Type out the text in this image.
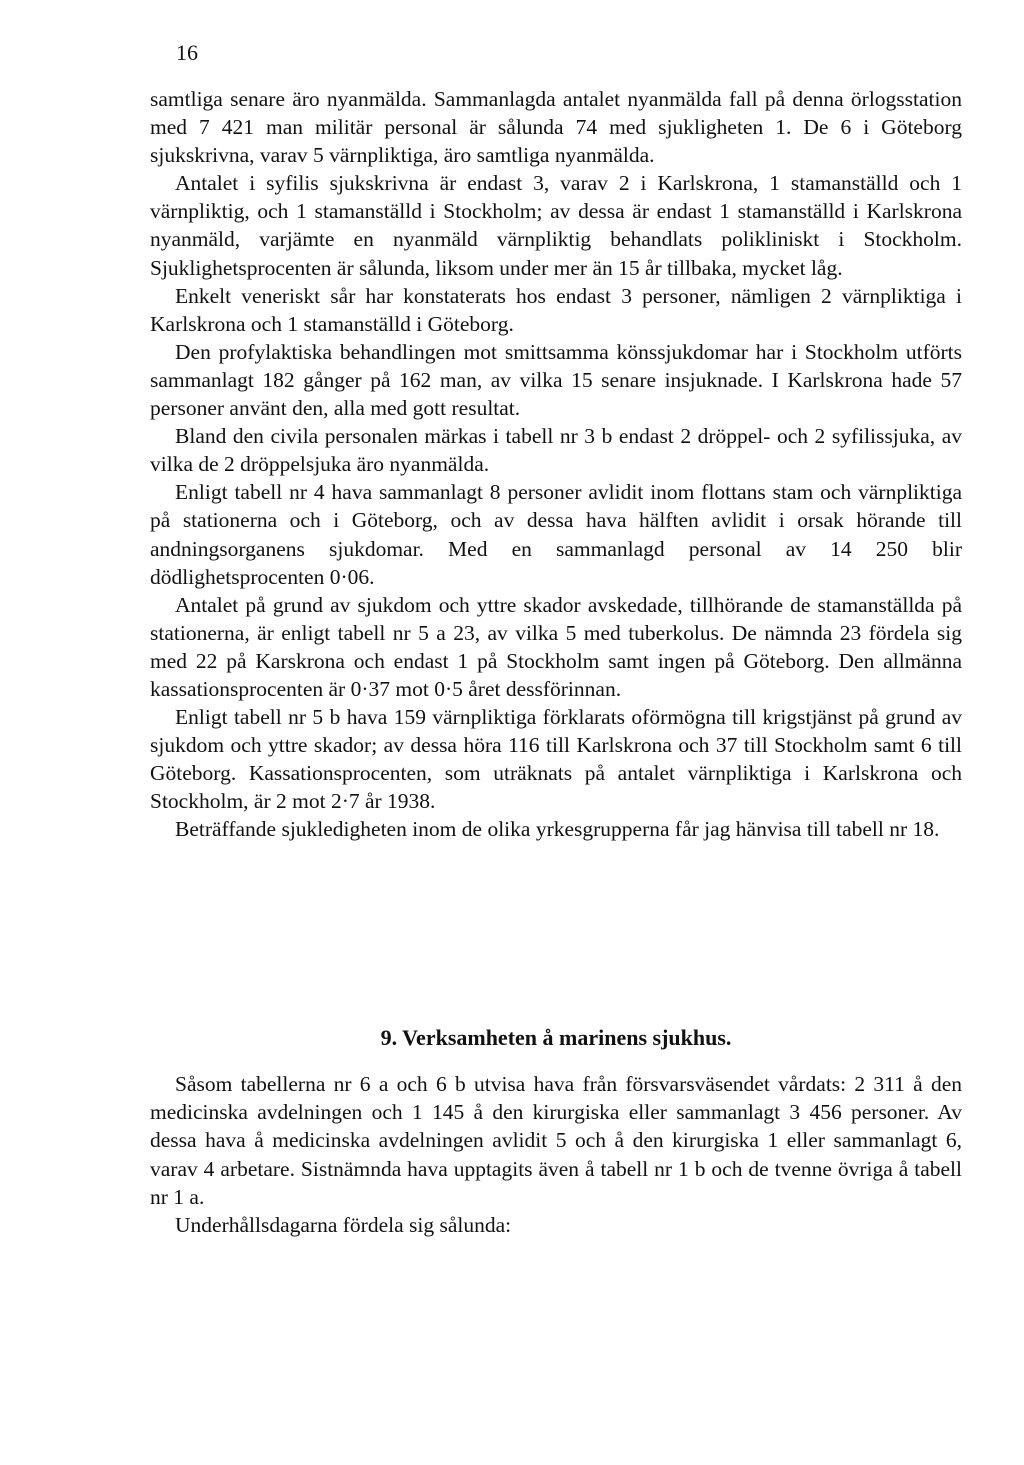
16

samtliga senare äro nyanmälda. Sammanlagda antalet nyanmälda fall på denna örlogsstation med 7 421 man militär personal är sålunda 74 med sjukligheten 1. De 6 i Göteborg sjukskrivna, varav 5 värnpliktiga, äro samtliga nyanmälda.

Antalet i syfilis sjukskrivna är endast 3, varav 2 i Karlskrona, 1 stamanställd och 1 värnpliktig, och 1 stamanställd i Stockholm; av dessa är endast 1 stamanställd i Karlskrona nyanmäld, varjämte en nyanmäld värnpliktig behandlats polikliniskt i Stockholm. Sjuklighetsprocenten är sålunda, liksom under mer än 15 år tillbaka, mycket låg.

Enkelt veneriskt sår har konstaterats hos endast 3 personer, nämligen 2 värnpliktiga i Karlskrona och 1 stamanställd i Göteborg.

Den profylaktiska behandlingen mot smittsamma könssjukdomar har i Stockholm utförts sammanlagt 182 gånger på 162 man, av vilka 15 senare insjuknade. I Karlskrona hade 57 personer använt den, alla med gott resultat.

Bland den civila personalen märkas i tabell nr 3 b endast 2 dröppel- och 2 syfilissjuka, av vilka de 2 dröppelsjuka äro nyanmälda.

Enligt tabell nr 4 hava sammanlagt 8 personer avlidit inom flottans stam och värnpliktiga på stationerna och i Göteborg, och av dessa hava hälften avlidit i orsak hörande till andningsorganens sjukdomar. Med en sammanlagd personal av 14 250 blir dödlighetsprocenten 0·06.

Antalet på grund av sjukdom och yttre skador avskedade, tillhörande de stamanställda på stationerna, är enligt tabell nr 5 a 23, av vilka 5 med tuberkolus. De nämnda 23 fördela sig med 22 på Karskrona och endast 1 på Stockholm samt ingen på Göteborg. Den allmänna kassationsprocenten är 0·37 mot 0·5 året dessförinnan.

Enligt tabell nr 5 b hava 159 värnpliktiga förklarats oförmögna till krigstjänst på grund av sjukdom och yttre skador; av dessa höra 116 till Karlskrona och 37 till Stockholm samt 6 till Göteborg. Kassationsprocenten, som uträknats på antalet värnpliktiga i Karlskrona och Stockholm, är 2 mot 2·7 år 1938.

Beträffande sjukledigheten inom de olika yrkesgrupperna får jag hänvisa till tabell nr 18.

9. Verksamheten å marinens sjukhus.

Såsom tabellerna nr 6 a och 6 b utvisa hava från försvarsväsendet vårdats: 2 311 å den medicinska avdelningen och 1 145 å den kirurgiska eller sammanlagt 3 456 personer. Av dessa hava å medicinska avdelningen avlidit 5 och å den kirurgiska 1 eller sammanlagt 6, varav 4 arbetare. Sistnämnda hava upptagits även å tabell nr 1 b och de tvenne övriga å tabell nr 1 a.

Underhållsdagarna fördela sig sålunda:
